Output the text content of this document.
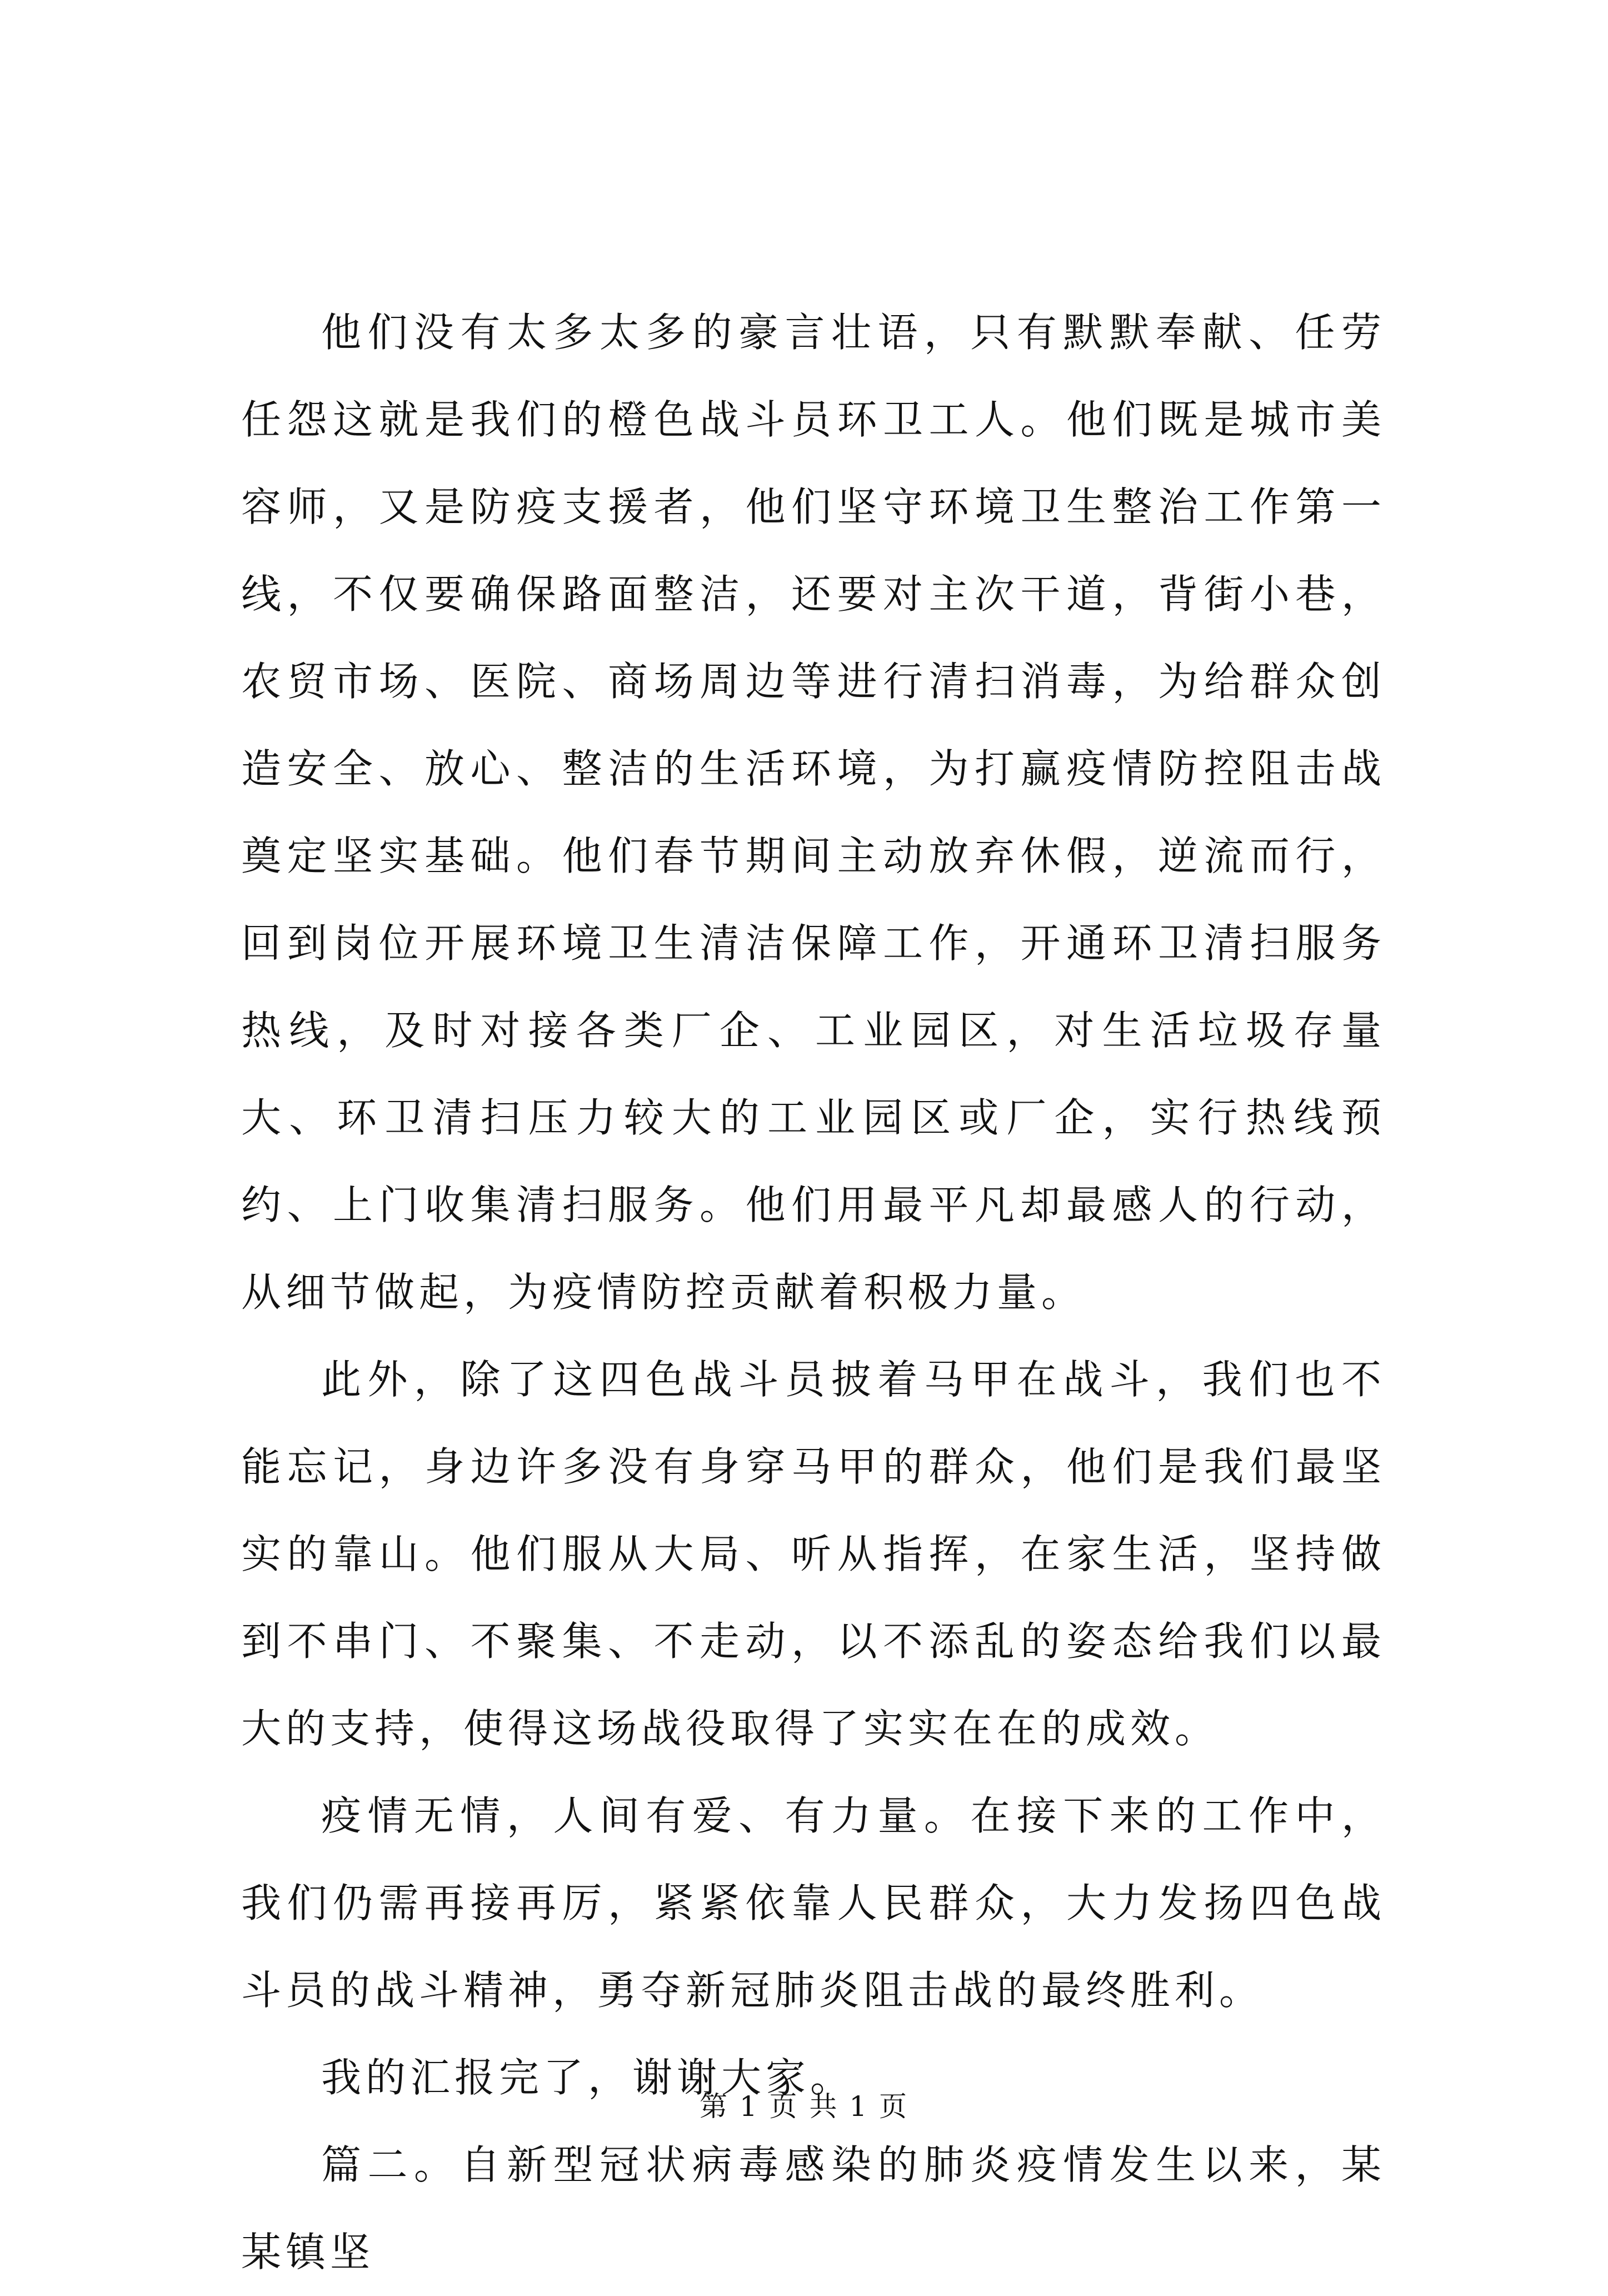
他们没有太多太多的豪言壮语，只有默默奉献、任劳任怨这就是我们的橙色战斗员环卫工人。他们既是城市美容师，又是防疫支援者，他们坚守环境卫生整治工作第一线，不仅要确保路面整洁，还要对主次干道，背街小巷，农贸市场、医院、商场周边等进行清扫消毒，为给群众创造安全、放心、整洁的生活环境，为打赢疫情防控阻击战奠定坚实基础。他们春节期间主动放弃休假，逆流而行，回到岗位开展环境卫生清洁保障工作，开通环卫清扫服务热线，及时对接各类厂企、工业园区，对生活垃圾存量大、环卫清扫压力较大的工业园区或厂企，实行热线预约、上门收集清扫服务。他们用最平凡却最感人的行动，从细节做起，为疫情防控贡献着积极力量。

此外，除了这四色战斗员披着马甲在战斗，我们也不能忘记，身边许多没有身穿马甲的群众，他们是我们最坚实的靠山。他们服从大局、听从指挥，在家生活，坚持做到不串门、不聚集、不走动，以不添乱的姿态给我们以最大的支持，使得这场战役取得了实实在在的成效。

疫情无情，人间有爱、有力量。在接下来的工作中，我们仍需再接再厉，紧紧依靠人民群众，大力发扬四色战斗员的战斗精神，勇夺新冠肺炎阻击战的最终胜利。

我的汇报完了，谢谢大家。

篇二。自新型冠状病毒感染的肺炎疫情发生以来，某某镇坚

第 1 页 共 1 页
